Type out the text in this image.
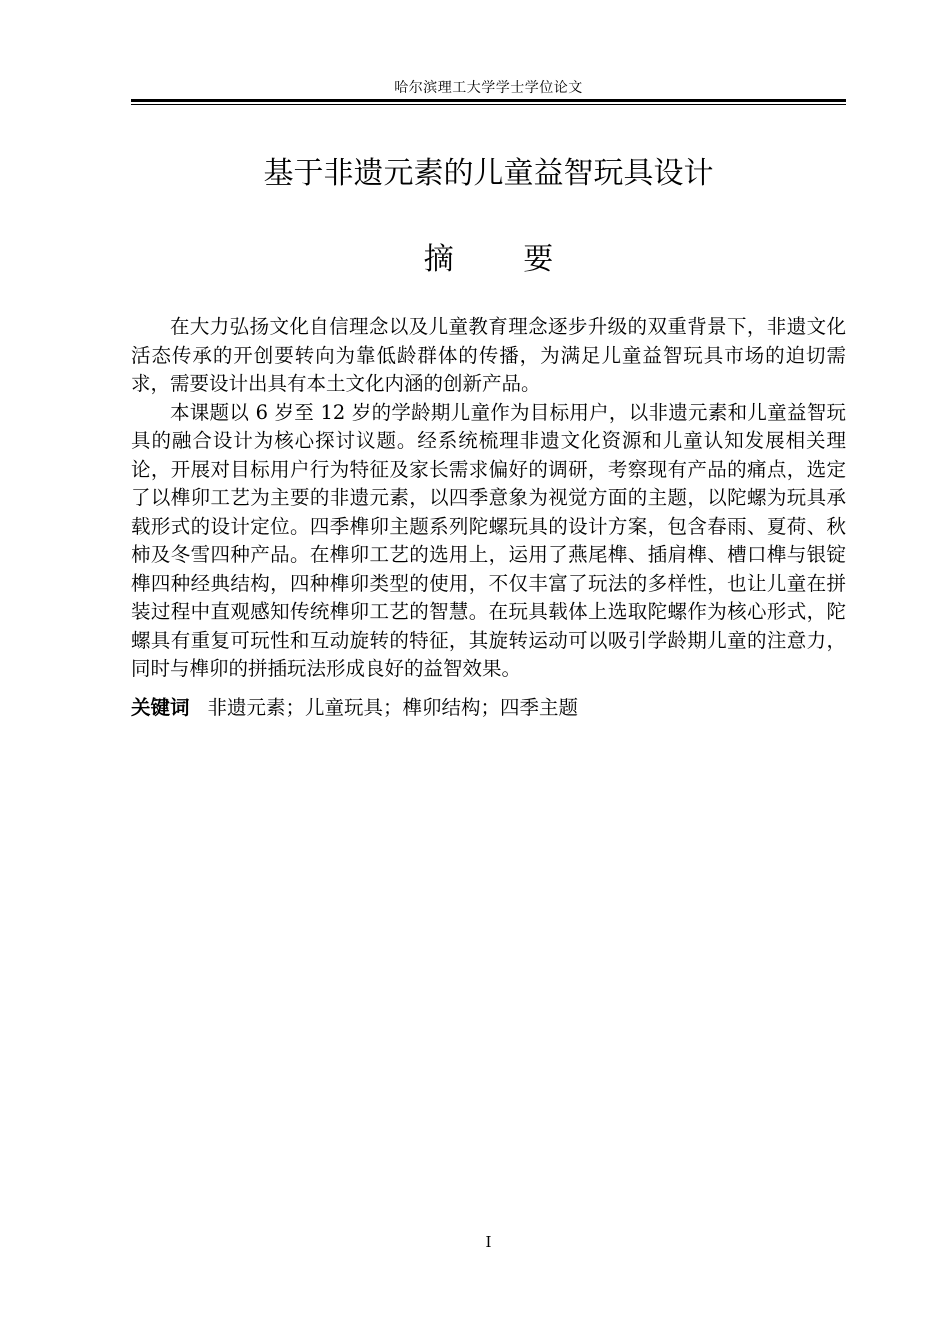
哈尔滨理工大学学士学位论文
基于非遗元素的儿童益智玩具设计
摘 要

在大力弘扬文化自信理念以及儿童教育理念逐步升级的双重背景下，非遗文化活态传承的开创要转向为靠低龄群体的传播，为满足儿童益智玩具市场的迫切需求，需要设计出具有本土文化内涵的创新产品。

本课题以 6 岁至 12 岁的学龄期儿童作为目标用户，以非遗元素和儿童益智玩具的融合设计为核心探讨议题。经系统梳理非遗文化资源和儿童认知发展相关理论，开展对目标用户行为特征及家长需求偏好的调研，考察现有产品的痛点，选定了以榫卯工艺为主要的非遗元素，以四季意象为视觉方面的主题，以陀螺为玩具承载形式的设计定位。四季榫卯主题系列陀螺玩具的设计方案，包含春雨、夏荷、秋柿及冬雪四种产品。在榫卯工艺的选用上，运用了燕尾榫、插肩榫、槽口榫与银锭榫四种经典结构，四种榫卯类型的使用，不仅丰富了玩法的多样性，也让儿童在拼装过程中直观感知传统榫卯工艺的智慧。在玩具载体上选取陀螺作为核心形式，陀螺具有重复可玩性和互动旋转的特征，其旋转运动可以吸引学龄期儿童的注意力，同时与榫卯的拼插玩法形成良好的益智效果。

关键词 非遗元素；儿童玩具；榫卯结构；四季主题
I
